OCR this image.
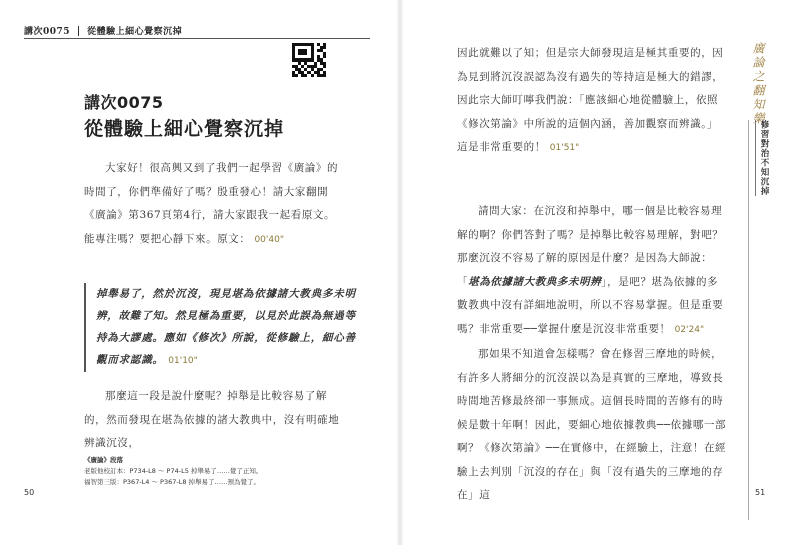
講次0075 從體驗上細心覺察沉掉
講次0075
從體驗上細心覺察沉掉
大家好！很高興又到了我們一起學習《廣論》的時間了，你們準備好了嗎？殷重發心！請大家翻開《廣論》第367頁第4行，請大家跟我一起看原文。能專注嗎？要把心靜下來。原文： 00'40"
掉舉易了，然於沉沒，現見堪為依據諸大教典多未明辨，故難了知。然見極為重要，以見於此誤為無過等持為大謬處。應如《修次》所說，從修驗上，細心善觀而求認識。 01'10"
那麼這一段是說什麼呢？掉舉是比較容易了解的，然而發現在堪為依據的諸大教典中，沒有明確地辨識沉沒，
《廣論》段落
老版他校訂本：P734-L8 ～ P74-L5 掉舉易了……覺了正知。
福智第三版：P367-L4 ～ P367-L8 掉舉易了……預為覺了。
50
廣論之翻知樂
修習對治不知沉掉
因此就難以了知；但是宗大師發現這是極其重要的，因為見到將沉沒誤認為沒有過失的等持這是極大的錯謬，因此宗大師叮嚀我們說：「應該細心地從體驗上，依照《修次第論》中所說的這個內涵，善加觀察而辨識。」這是非常重要的！ 01'51"
請問大家：在沉沒和掉舉中，哪一個是比較容易理解的啊？你們答對了嗎？是掉舉比較容易理解，對吧？那麼沉沒不容易了解的原因是什麼？是因為大師說：「堪為依據諸大教典多未明辨」，是吧？堪為依據的多數教典中沒有詳細地說明，所以不容易掌握。但是重要嗎？非常重要──掌握什麼是沉沒非常重要！ 02'24"
那如果不知道會怎樣嗎？會在修習三摩地的時候，有許多人將細分的沉沒誤以為是真實的三摩地，導致長時間地苦修最終卻一事無成。這個長時間的苦修有的時候是數十年啊！因此，要細心地依據教典──依據哪一部啊？《修次第論》──在實修中，在經驗上，注意！在經驗上去判別「沉沒的存在」與「沒有過失的三摩地的存在」這	51
